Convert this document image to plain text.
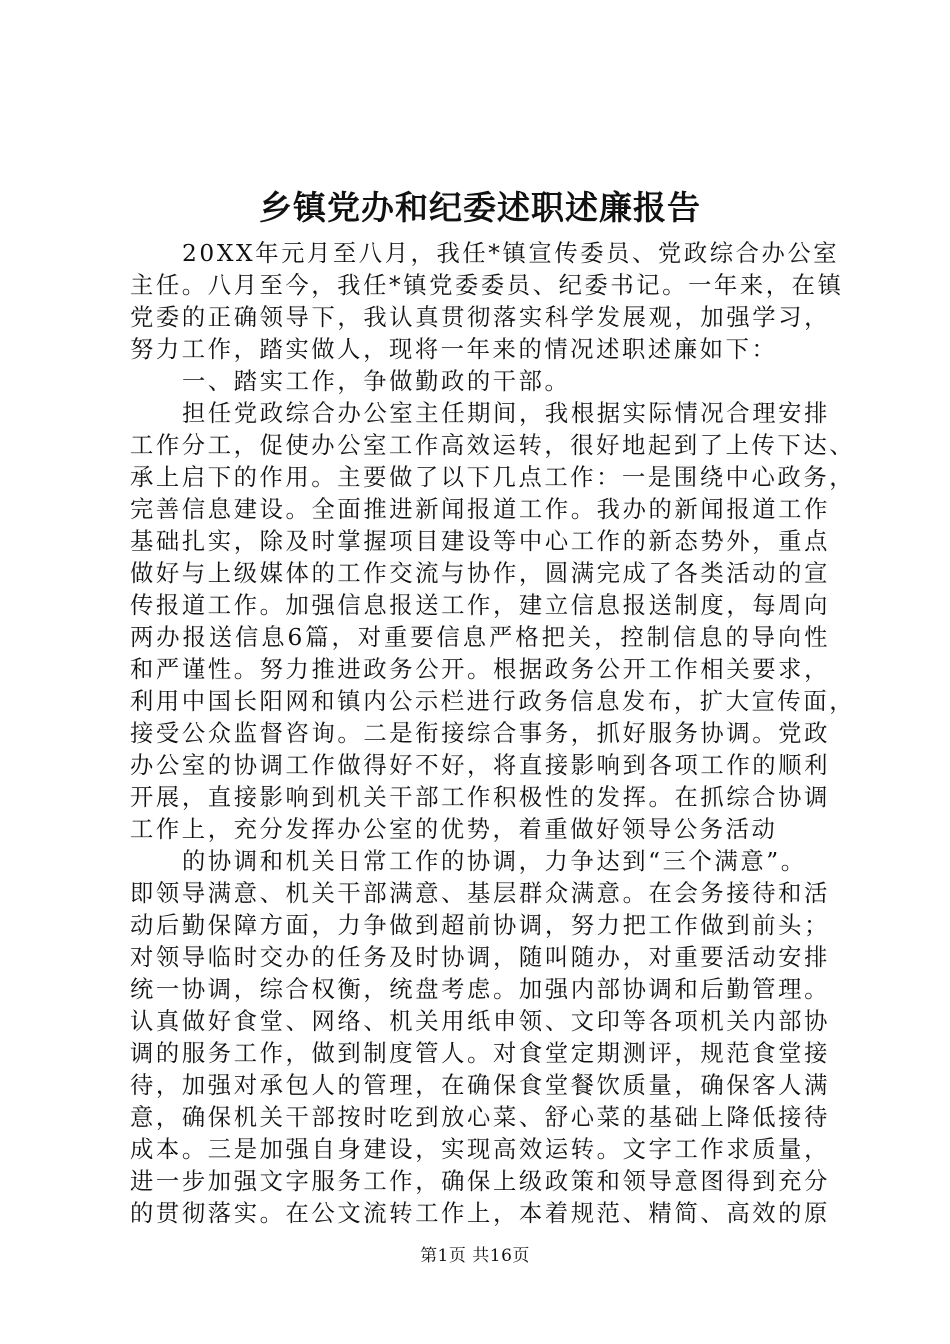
乡镇党办和纪委述职述廉报告
20XX年元月至八月，我任*镇宣传委员、党政综合办公室
主任。八月至今，我任*镇党委委员、纪委书记。一年来，在镇
党委的正确领导下，我认真贯彻落实科学发展观，加强学习，
努力工作，踏实做人，现将一年来的情况述职述廉如下：
一、踏实工作，争做勤政的干部。
担任党政综合办公室主任期间，我根据实际情况合理安排
工作分工，促使办公室工作高效运转，很好地起到了上传下达、
承上启下的作用。主要做了以下几点工作：一是围绕中心政务，
完善信息建设。全面推进新闻报道工作。我办的新闻报道工作
基础扎实，除及时掌握项目建设等中心工作的新态势外，重点
做好与上级媒体的工作交流与协作，圆满完成了各类活动的宣
传报道工作。加强信息报送工作，建立信息报送制度，每周向
两办报送信息6篇，对重要信息严格把关，控制信息的导向性
和严谨性。努力推进政务公开。根据政务公开工作相关要求，
利用中国长阳网和镇内公示栏进行政务信息发布，扩大宣传面，
接受公众监督咨询。二是衔接综合事务，抓好服务协调。党政
办公室的协调工作做得好不好，将直接影响到各项工作的顺利
开展，直接影响到机关干部工作积极性的发挥。在抓综合协调
工作上，充分发挥办公室的优势，着重做好领导公务活动
的协调和机关日常工作的协调，力争达到“三个满意”。
即领导满意、机关干部满意、基层群众满意。在会务接待和活
动后勤保障方面，力争做到超前协调，努力把工作做到前头；
对领导临时交办的任务及时协调，随叫随办，对重要活动安排
统一协调，综合权衡，统盘考虑。加强内部协调和后勤管理。
认真做好食堂、网络、机关用纸申领、文印等各项机关内部协
调的服务工作，做到制度管人。对食堂定期测评，规范食堂接
待，加强对承包人的管理，在确保食堂餐饮质量，确保客人满
意，确保机关干部按时吃到放心菜、舒心菜的基础上降低接待
成本。三是加强自身建设，实现高效运转。文字工作求质量，
进一步加强文字服务工作，确保上级政策和领导意图得到充分
的贯彻落实。在公文流转工作上，本着规范、精简、高效的原
第1页 共16页
